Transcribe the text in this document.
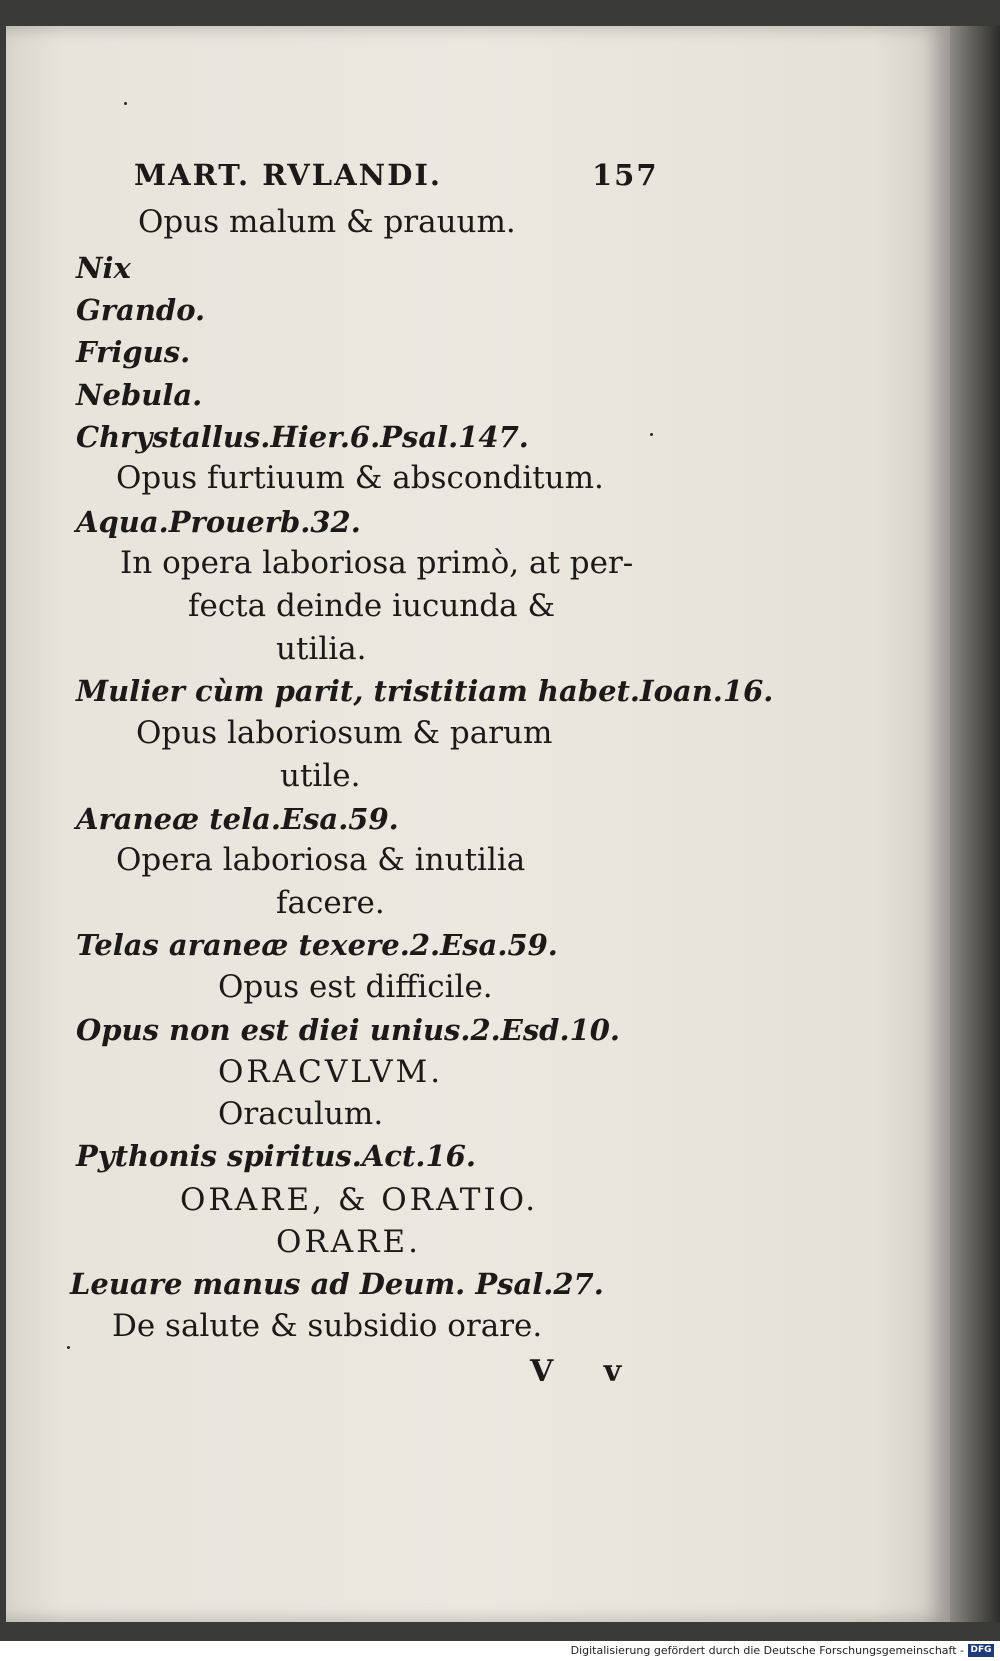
MART. RVLANDI.	157

Opus malum & prauum.

Nix

Grando.

Frigus.

Nebula.

Chrystallus.Hier.6.Psal.147.

Opus furtiuum & absconditum.

Aqua.Prouerb.32.

In opera laboriosa primò, at per-

fecta deinde iucunda &

utilia.

Mulier cùm parit, tristitiam habet.Ioan.16.

Opus laboriosum & parum

utile.

Araneæ tela.Esa.59.

Opera laboriosa & inutilia

facere.

Telas araneæ texere.2.Esa.59.

Opus est difficile.

Opus non est diei unius.2.Esd.10.

ORACVLVM.

Oraculum.

Pythonis spiritus.Act.16.

ORARE, & ORATIO.

ORARE.

Leuare manus ad Deum. Psal.27.

De salute & subsidio orare.

V v
Digitalisierung gefördert durch die Deutsche Forschungsgemeinschaft - DFG
